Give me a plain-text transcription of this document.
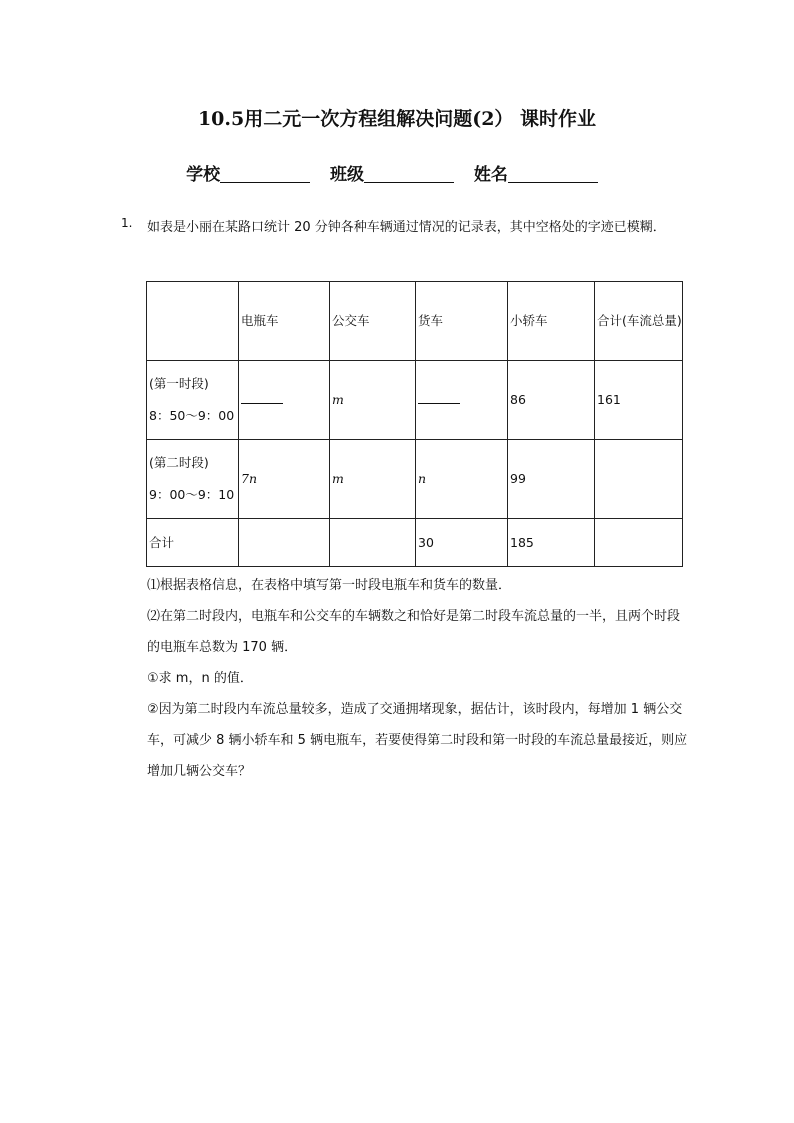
10.5用二元一次方程组解决问题(2） 课时作业
学校	班级	姓名
1. 如表是小丽在某路口统计 20 分钟各种车辆通过情况的记录表，其中空格处的字迹已模糊．
	电瓶车	公交车	货车	小轿车	合计(车流总量)

(第一时段)
8：50～9：00		m		86	161

(第二时段)
9：00～9：10	7n	m	n	99	
合计			30	185	

⑴根据表格信息，在表格中填写第一时段电瓶车和货车的数量．

⑵在第二时段内，电瓶车和公交车的车辆数之和恰好是第二时段车流总量的一半，且两个时段的电瓶车总数为 170 辆．

①求 m，n 的值．

②因为第二时段内车流总量较多，造成了交通拥堵现象，据估计，该时段内，每增加 1 辆公交车，可减少 8 辆小轿车和 5 辆电瓶车，若要使得第二时段和第一时段的车流总量最接近，则应增加几辆公交车？
